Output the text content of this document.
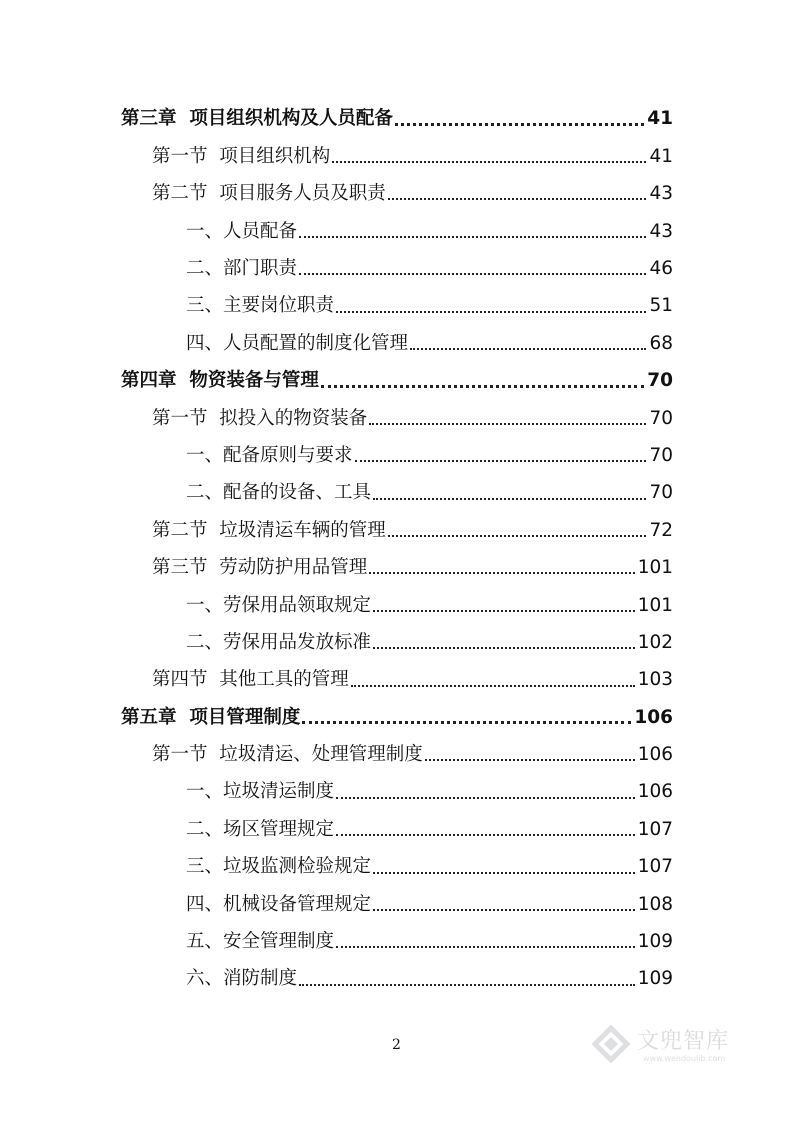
第三章  项目组织机构及人员配备	41
第一节  项目组织机构	41
第二节  项目服务人员及职责	43
一、人员配备	43
二、部门职责	46
三、主要岗位职责	51
四、人员配置的制度化管理	68
第四章  物资装备与管理	70
第一节  拟投入的物资装备	70
一、配备原则与要求	70
二、配备的设备、工具	70
第二节  垃圾清运车辆的管理	72
第三节  劳动防护用品管理	101
一、劳保用品领取规定	101
二、劳保用品发放标准	102
第四节  其他工具的管理	103
第五章  项目管理制度	106
第一节  垃圾清运、处理管理制度	106
一、垃圾清运制度	106
二、场区管理规定	107
三、垃圾监测检验规定	107
四、机械设备管理规定	108
五、安全管理制度	109
六、消防制度	109
2	文兜智库
www.wendoulib.com
